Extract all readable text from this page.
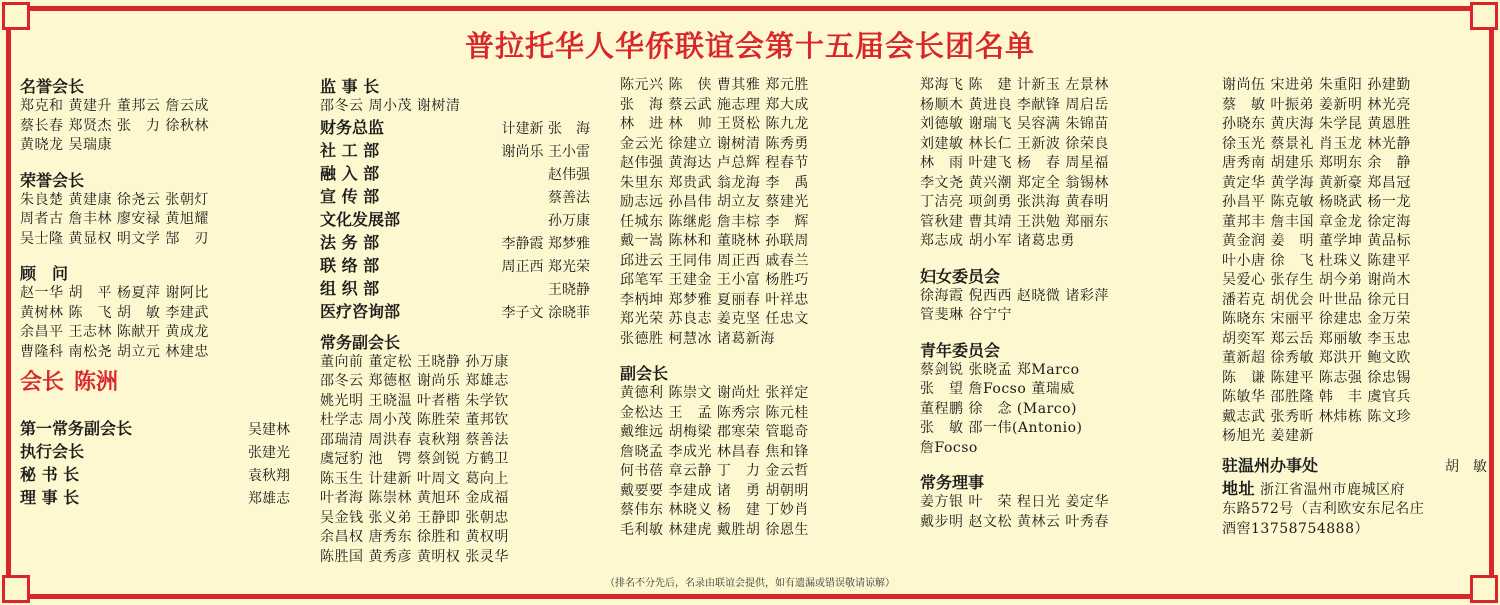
普拉托华人华侨联谊会第十五届会长团名单
名誉会长
郑克和 黄建升 董邦云 詹云成
蔡长春 郑贤杰 张　力 徐秋林
黄晓龙 吴瑞康
荣誉会长
朱良楚 黄建康 徐尧云 张朝灯
周者古 詹丰林 廖安禄 黄旭耀
吴士隆 黄显权 明文学 郜　刃
顾　问
赵一华 胡　平 杨夏萍 谢阿比
黄树林 陈　飞 胡　敏 李建武
余昌平 王志林 陈献开 黄成龙
曹隆科 南松尧 胡立元 林建忠
会长 陈洲
第一常务副会长	吴建林
执行会长	张建光
秘 书 长	袁秋翔
理 事 长	郑雄志
监 事 长
邵冬云 周小茂 谢树清
财务总监	计建新 张　海
社 工 部	谢尚乐 王小雷
融 入 部	赵伟强
宣 传 部	蔡善法
文化发展部	孙万康
法 务 部	李静霞 郑梦雅
联 络 部	周正西 郑光荣
组 织 部	王晓静
医疗咨询部	李子文 涂晓菲
常务副会长
董向前 董定松 王晓静 孙万康
邵冬云 郑德枢 谢尚乐 郑雄志
姚光明 王晓温 叶者楷 朱学钦
杜学志 周小茂 陈胜荣 董邦钦
邵瑞清 周洪春 袁秋翔 蔡善法
虞冠豹 池　锷 蔡剑锐 方鹤卫
陈玉生 计建新 叶周文 葛向上
叶者海 陈崇林 黄旭环 金成福
吴金钱 张义弟 王静即 张朝忠
余昌权 唐秀东 徐胜和 黄权明
陈胜国 黄秀彦 黄明权 张灵华
陈元兴 陈　侠 曹其雅 郑元胜
张　海 蔡云武 施志理 郑大成
林　进 林　帅 王贤松 陈九龙
金云光 徐建立 谢树清 陈秀勇
赵伟强 黄海达 卢总辉 程春节
朱里东 郑贵武 翁龙海 李　禹
励志远 孙昌伟 胡立友 蔡建光
任城东 陈继彪 詹丰棕 李　辉
戴一嵩 陈林和 董晓林 孙联周
邱进云 王同伟 周正西 戚春兰
邱笔军 王建金 王小富 杨胜巧
李柄坤 郑梦雅 夏丽春 叶祥忠
郑光荣 苏良志 姜克坚 任忠文
张德胜 柯慧冰 诸葛新海
副会长
黄德利 陈崇文 谢尚灶 张祥定
金松达 王　孟 陈秀宗 陈元桂
戴维远 胡梅梁 郡寒荣 管聪奇
詹晓孟 李成光 林昌春 焦和锋
何书蓓 章云静 丁　力 金云哲
戴要要 李建成 诸　勇 胡朝明
蔡伟东 林晓义 杨　建 丁妙肖
毛利敏 林建虎 戴胜胡 徐恩生
郑海飞 陈　建 计新玉 左景林
杨顺木 黄进良 李献锋 周启岳
刘德敏 谢瑞飞 吴容满 朱锦苗
刘建敏 林长仁 王新波 徐荣良
林　雨 叶建飞 杨　春 周星福
李文尧 黄兴潮 郑定全 翁锡林
丁洁亮 项剑勇 张洪海 黄春明
管秋建 曹其靖 王洪勉 郑丽东
郑志成 胡小军 诸葛忠勇
妇女委员会
徐海霞 倪西西 赵晓微 诸彩萍
管斐琳 谷宁宁
青年委员会
蔡剑锐 张晓孟 郑Marco
张　望 詹Focso 董瑞威
董程鹏 徐　念 (Marco)
张　敏 邵一伟(Antonio)
詹Focso
常务理事
姜方银 叶　荣 程日光 姜定华
戴步明 赵文松 黄林云 叶秀春
谢尚伍 宋进弟 朱重阳 孙建勤
蔡　敏 叶振弟 姜新明 林光亮
孙晓东 黄庆海 朱学昆 黄恩胜
徐玉光 蔡景礼 肖玉龙 林光静
唐秀南 胡建乐 郑明东 余　静
黄定华 黄学海 黄新豪 郑昌冠
孙昌平 陈克敏 杨晓武 杨一龙
董邦丰 詹丰国 章金龙 徐定海
黄金润 姜　明 董学坤 黄品标
叶小唐 徐　飞 杜珠义 陈建平
吴爱心 张存生 胡今弟 谢尚木
潘若克 胡优会 叶世品 徐元日
陈晓东 宋丽平 徐建忠 金万荣
胡奕军 郑云岳 郑丽敏 李玉忠
董新超 徐秀敏 郑洪开 鲍文欧
陈　谦 陈建平 陈志强 徐忠锡
陈敏华 邵胜隆 韩　丰 虞官兵
戴志武 张秀昕 林炜栋 陈文珍
杨旭光 姜建新
驻温州办事处	胡　敏
地址 浙江省温州市鹿城区府
东路572号（吉利欧安东尼名庄
酒窖13758754888）
（排名不分先后，名录由联谊会提供，如有遗漏或错误敬请谅解）
